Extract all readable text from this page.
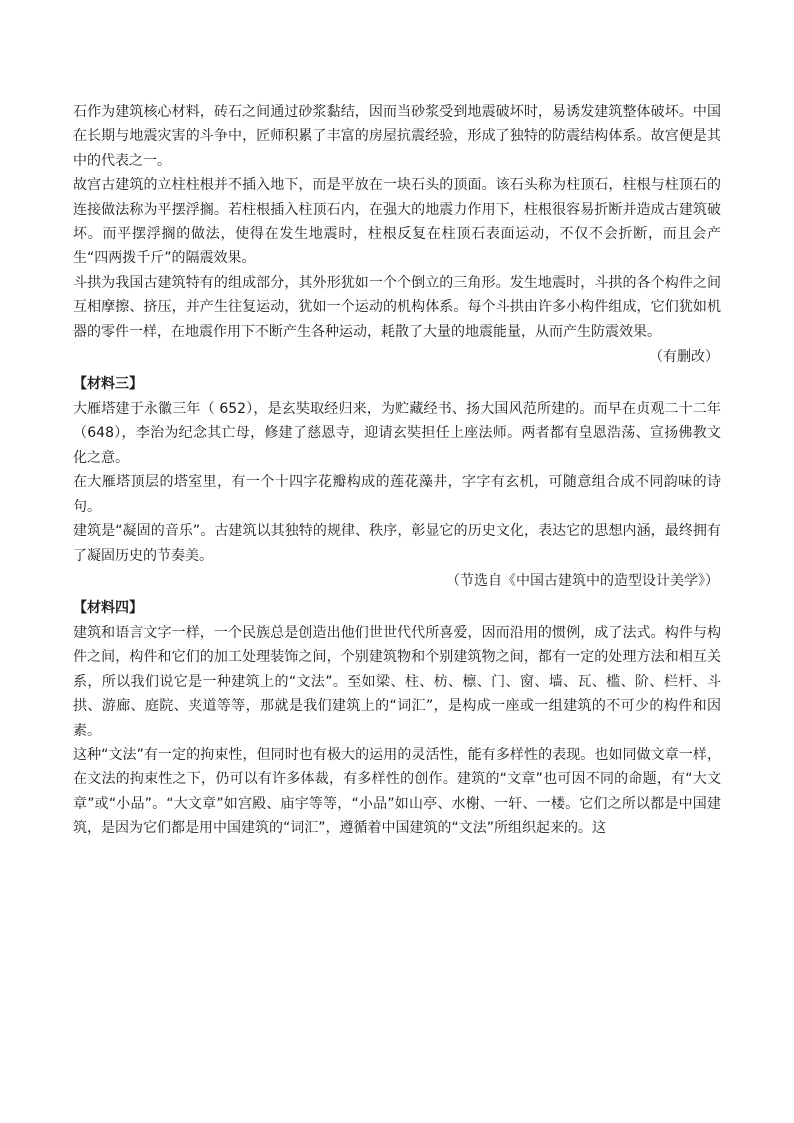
石作为建筑核心材料，砖石之间通过砂浆黏结，因而当砂浆受到地震破坏时，易诱发建筑整体破坏。中国在长期与地震灾害的斗争中，匠师积累了丰富的房屋抗震经验，形成了独特的防震结构体系。故宫便是其中的代表之一。

故宫古建筑的立柱柱根并不插入地下，而是平放在一块石头的顶面。该石头称为柱顶石，柱根与柱顶石的连接做法称为平摆浮搁。若柱根插入柱顶石内，在强大的地震力作用下，柱根很容易折断并造成古建筑破坏。而平摆浮搁的做法，使得在发生地震时，柱根反复在柱顶石表面运动，不仅不会折断，而且会产生“四两拨千斤”的隔震效果。

斗拱为我国古建筑特有的组成部分，其外形犹如一个个倒立的三角形。发生地震时，斗拱的各个构件之间互相摩擦、挤压，并产生往复运动，犹如一个运动的机构体系。每个斗拱由许多小构件组成，它们犹如机器的零件一样，在地震作用下不断产生各种运动，耗散了大量的地震能量，从而产生防震效果。

（有删改）

【材料三】

大雁塔建于永徽三年（ 652），是玄奘取经归来，为贮藏经书、扬大国风范所建的。而早在贞观二十二年（648），李治为纪念其亡母，修建了慈恩寺，迎请玄奘担任上座法师。两者都有皇恩浩荡、宣扬佛教文化之意。

在大雁塔顶层的塔室里，有一个十四字花瓣构成的莲花藻井，字字有玄机，可随意组合成不同韵味的诗句。

建筑是“凝固的音乐”。古建筑以其独特的规律、秩序，彰显它的历史文化，表达它的思想内涵，最终拥有了凝固历史的节奏美。

（节选自《中国古建筑中的造型设计美学》）

【材料四】

建筑和语言文字一样，一个民族总是创造出他们世世代代所喜爱，因而沿用的惯例，成了法式。构件与构件之间，构件和它们的加工处理装饰之间，个别建筑物和个别建筑物之间，都有一定的处理方法和相互关系，所以我们说它是一种建筑上的“文法”。至如梁、柱、枋、檩、门、窗、墙、瓦、槛、阶、栏杆、斗拱、游廊、庭院、夹道等等，那就是我们建筑上的“词汇”，是构成一座或一组建筑的不可少的构件和因素。

这种“文法”有一定的拘束性，但同时也有极大的运用的灵活性，能有多样性的表现。也如同做文章一样，在文法的拘束性之下，仍可以有许多体裁，有多样性的创作。建筑的“文章”也可因不同的命题，有“大文章”或“小品”。“大文章”如宫殿、庙宇等等，“小品”如山亭、水榭、一轩、一楼。它们之所以都是中国建筑，是因为它们都是用中国建筑的“词汇”，遵循着中国建筑的“文法”所组织起来的。这
